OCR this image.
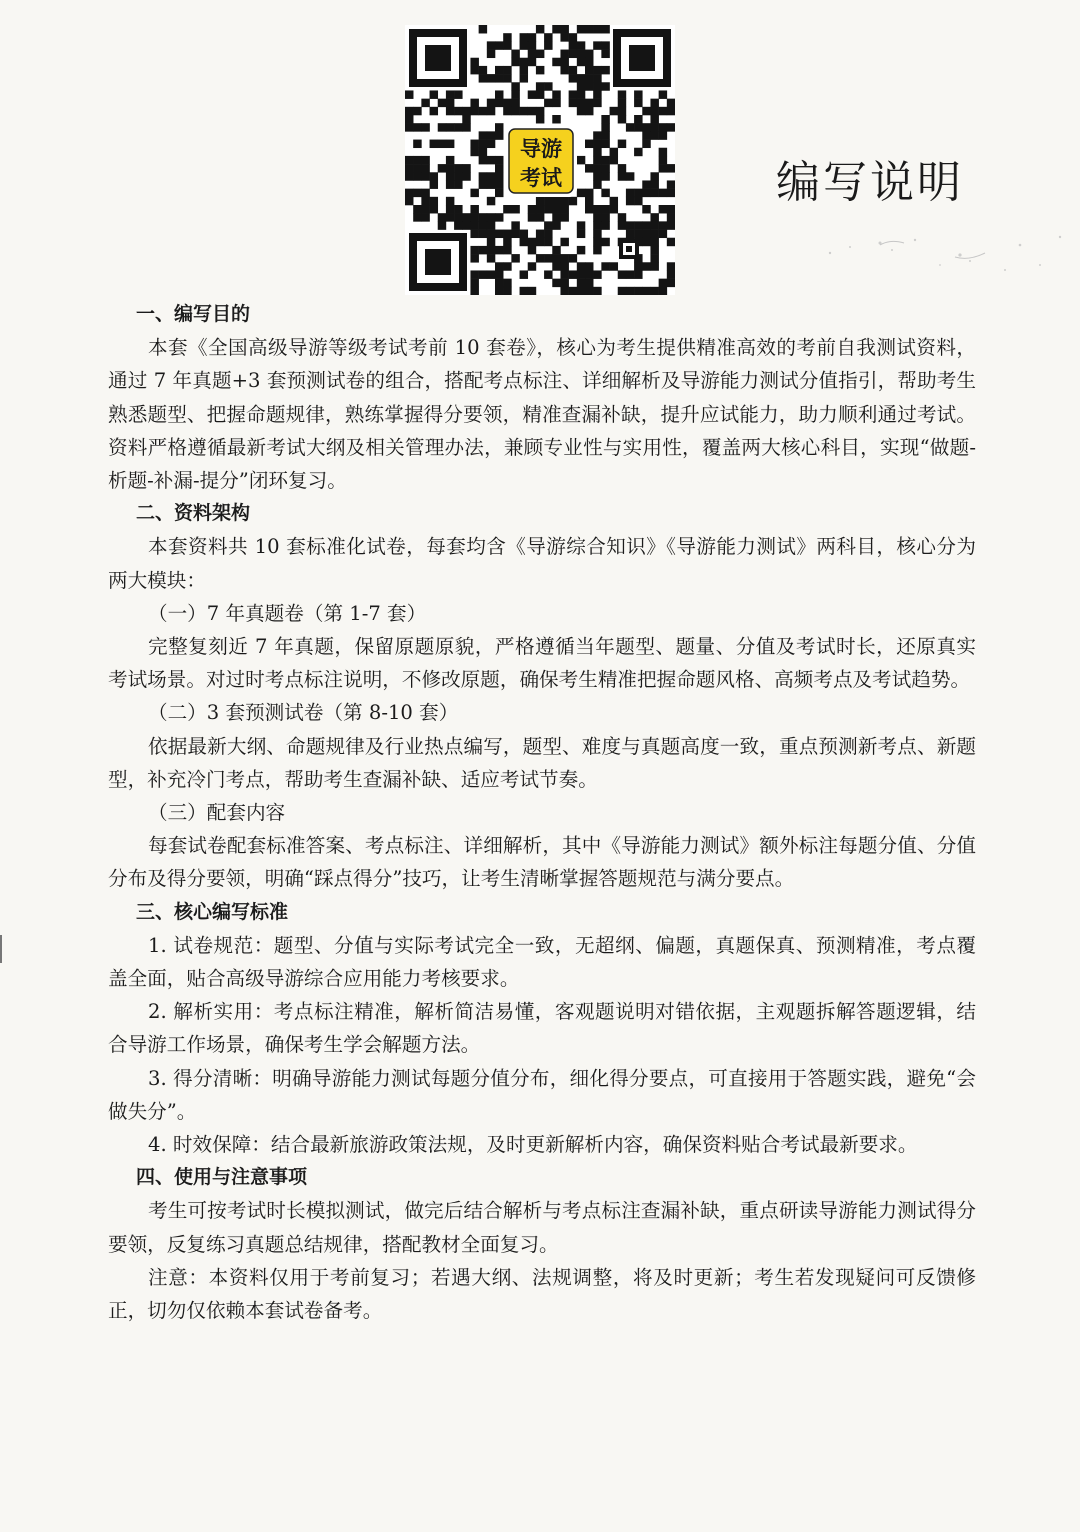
导游
考试	编写说明

一、编写目的

本套《全国高级导游等级考试考前 10 套卷》，核心为考生提供精准高效的考前自我测试资料，通过 7 年真题+3 套预测试卷的组合，搭配考点标注、详细解析及导游能力测试分值指引，帮助考生熟悉题型、把握命题规律，熟练掌握得分要领，精准查漏补缺，提升应试能力，助力顺利通过考试。资料严格遵循最新考试大纲及相关管理办法，兼顾专业性与实用性，覆盖两大核心科目，实现“做题-析题-补漏-提分”闭环复习。

二、资料架构

本套资料共 10 套标准化试卷，每套均含《导游综合知识》《导游能力测试》两科目，核心分为两大模块：

（一）7 年真题卷（第 1-7 套）

完整复刻近 7 年真题，保留原题原貌，严格遵循当年题型、题量、分值及考试时长，还原真实考试场景。对过时考点标注说明，不修改原题，确保考生精准把握命题风格、高频考点及考试趋势。

（二）3 套预测试卷（第 8-10 套）

依据最新大纲、命题规律及行业热点编写，题型、难度与真题高度一致，重点预测新考点、新题型，补充冷门考点，帮助考生查漏补缺、适应考试节奏。

（三）配套内容

每套试卷配套标准答案、考点标注、详细解析，其中《导游能力测试》额外标注每题分值、分值分布及得分要领，明确“踩点得分”技巧，让考生清晰掌握答题规范与满分要点。

三、核心编写标准

1. 试卷规范：题型、分值与实际考试完全一致，无超纲、偏题，真题保真、预测精准，考点覆盖全面，贴合高级导游综合应用能力考核要求。

2. 解析实用：考点标注精准，解析简洁易懂，客观题说明对错依据，主观题拆解答题逻辑，结合导游工作场景，确保考生学会解题方法。

3. 得分清晰：明确导游能力测试每题分值分布，细化得分要点，可直接用于答题实践，避免“会做失分”。

4. 时效保障：结合最新旅游政策法规，及时更新解析内容，确保资料贴合考试最新要求。

四、使用与注意事项

考生可按考试时长模拟测试，做完后结合解析与考点标注查漏补缺，重点研读导游能力测试得分要领，反复练习真题总结规律，搭配教材全面复习。

注意：本资料仅用于考前复习；若遇大纲、法规调整，将及时更新；考生若发现疑问可反馈修正，切勿仅依赖本套试卷备考。
